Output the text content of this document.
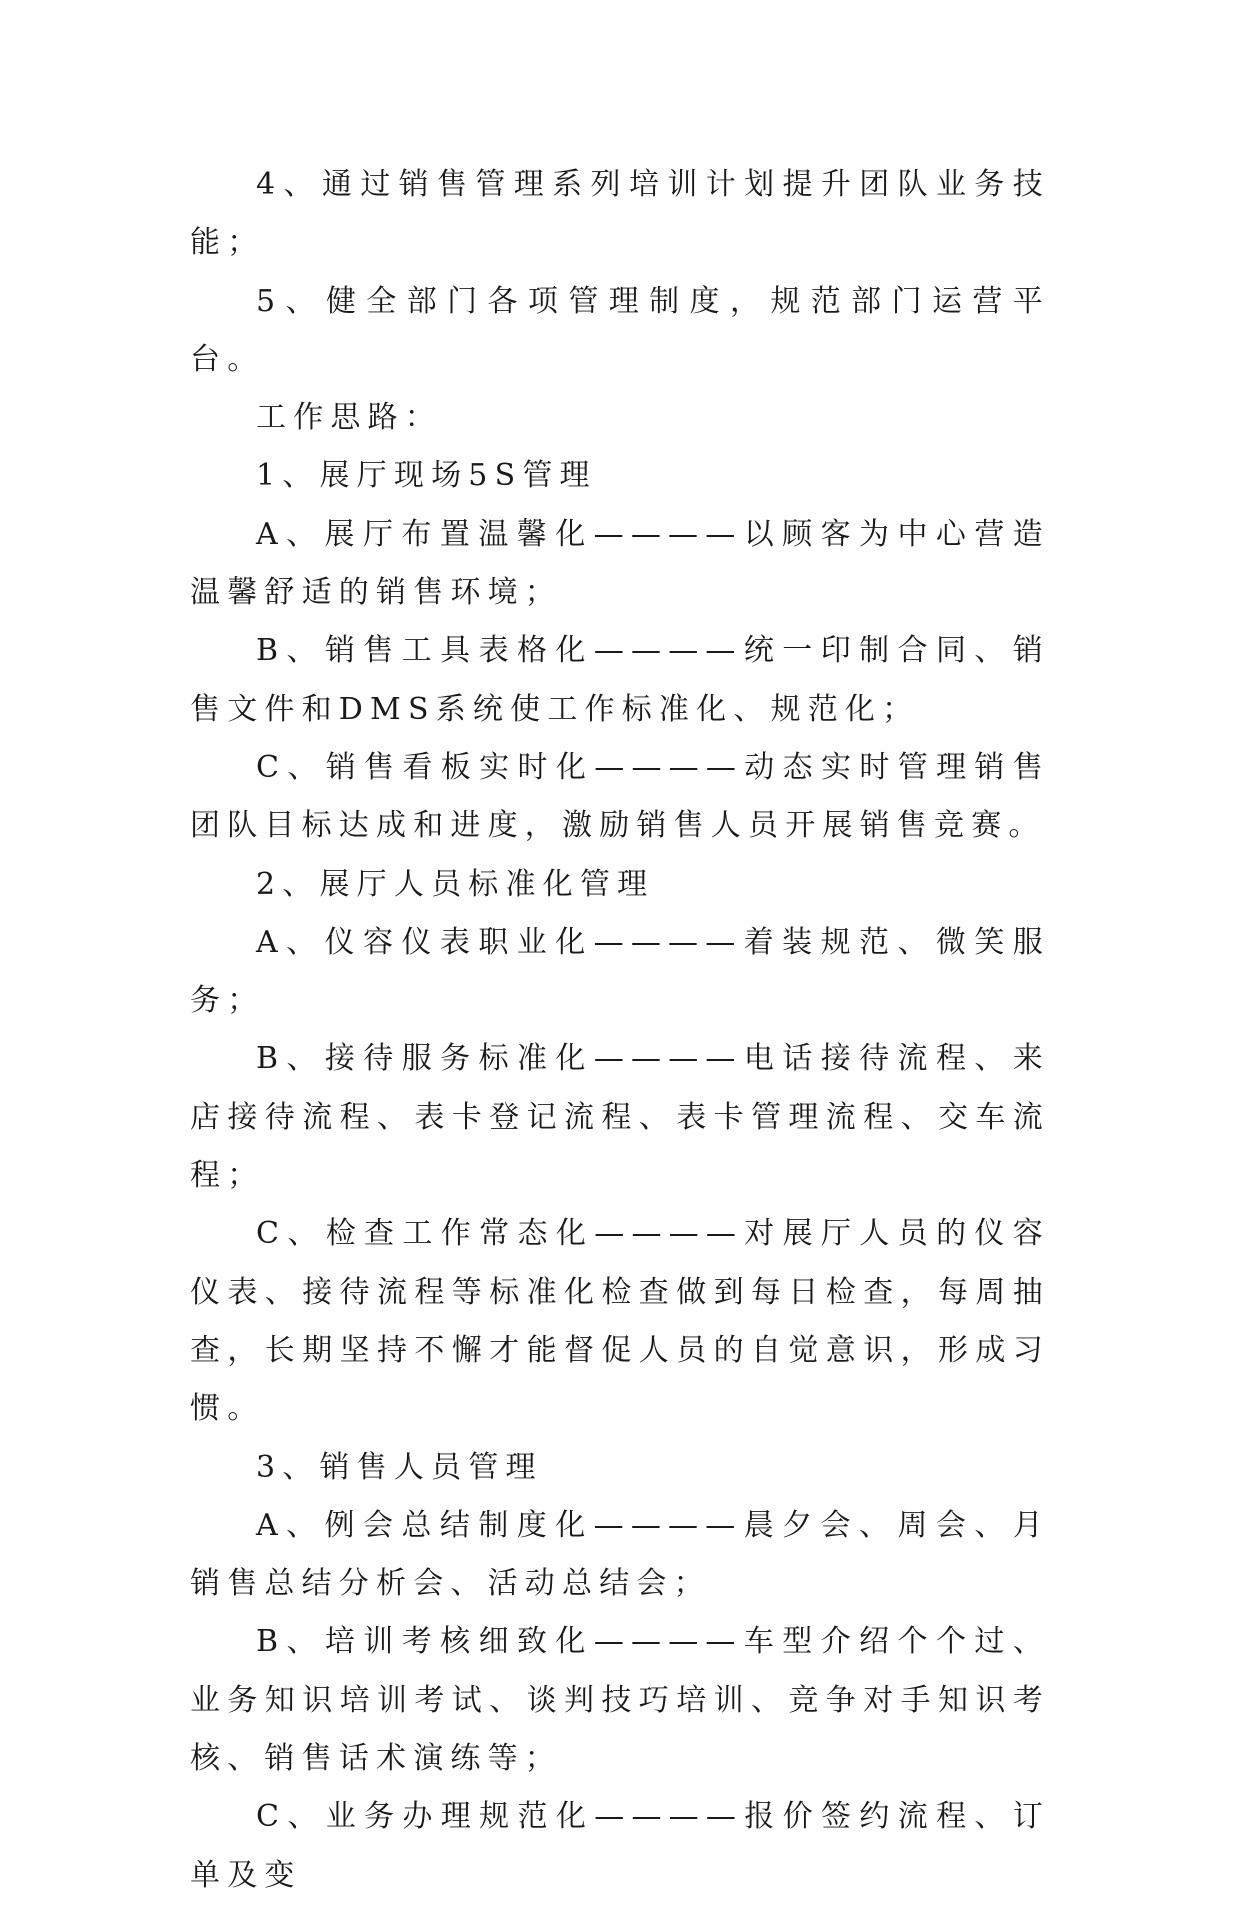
4、通过销售管理系列培训计划提升团队业务技能；

5、健全部门各项管理制度，规范部门运营平台。

工作思路：

1、展厅现场5S管理

A、展厅布置温馨化————以顾客为中心营造温馨舒适的销售环境；

B、销售工具表格化————统一印制合同、销售文件和DMS系统使工作标准化、规范化；

C、销售看板实时化————动态实时管理销售团队目标达成和进度，激励销售人员开展销售竞赛。

2、展厅人员标准化管理

A、仪容仪表职业化————着装规范、微笑服务；

B、接待服务标准化————电话接待流程、来店接待流程、表卡登记流程、表卡管理流程、交车流程；

C、检查工作常态化————对展厅人员的仪容仪表、接待流程等标准化检查做到每日检查，每周抽查，长期坚持不懈才能督促人员的自觉意识，形成习惯。

3、销售人员管理

A、例会总结制度化————晨夕会、周会、月销售总结分析会、活动总结会；

B、培训考核细致化————车型介绍个个过、业务知识培训考试、谈判技巧培训、竞争对手知识考核、销售话术演练等；

C、业务办理规范化————报价签约流程、订单及变
